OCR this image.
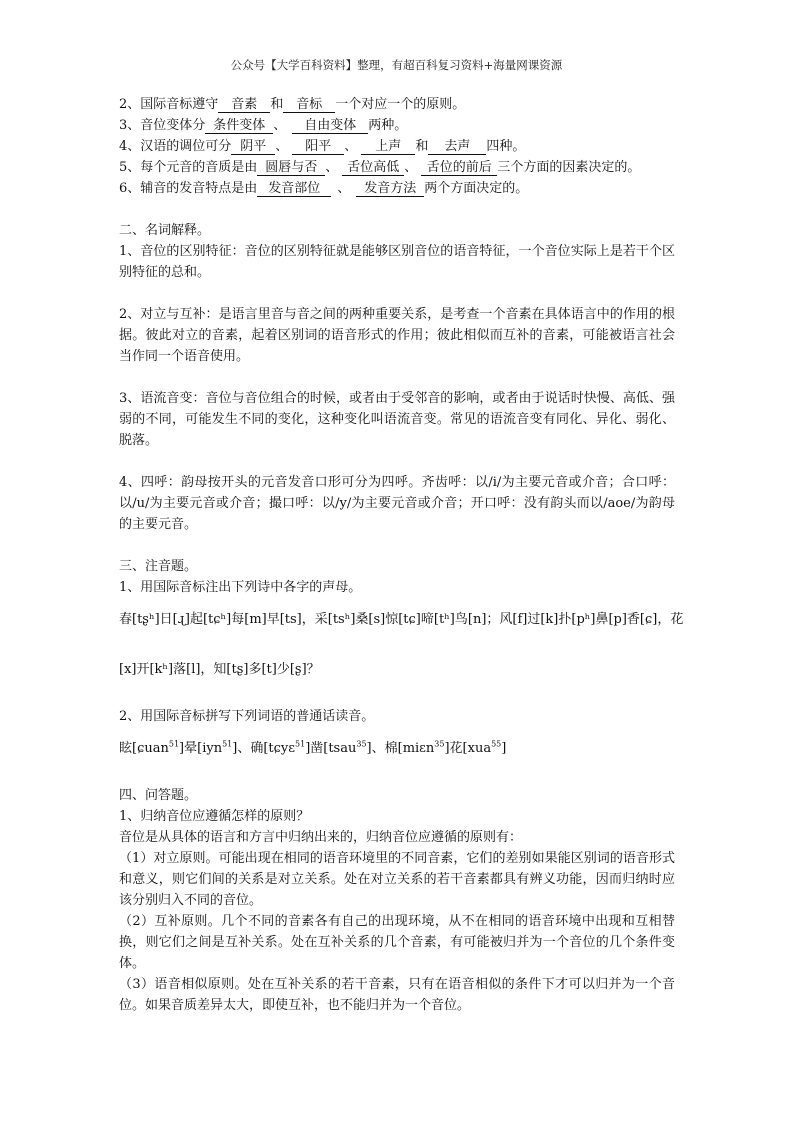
公众号【大学百科资料】整理，有超百科复习资料+海量网课资源
2、国际音标遵守 音素 和 音标 一个对应一个的原则。
3、音位变体分 条件变体 、 自由变体 两种。
4、汉语的调位可分 阴平 、 阳平 、 上声 和 去声 四种。
5、每个元音的音质是由 圆唇与否 、 舌位高低 、 舌位的前后 三个方面的因素决定的。
6、辅音的发音特点是由 发音部位 、 发音方法 两个方面决定的。
二、名词解释。
1、音位的区别特征：音位的区别特征就是能够区别音位的语音特征，一个音位实际上是若干个区别特征的总和。
2、对立与互补：是语言里音与音之间的两种重要关系，是考查一个音素在具体语言中的作用的根据。彼此对立的音素，起着区别词的语音形式的作用；彼此相似而互补的音素，可能被语言社会当作同一个语音使用。
3、语流音变：音位与音位组合的时候，或者由于受邻音的影响，或者由于说话时快慢、高低、强弱的不同，可能发生不同的变化，这种变化叫语流音变。常见的语流音变有同化、异化、弱化、脱落。
4、四呼：韵母按开头的元音发音口形可分为四呼。齐齿呼：以/i/为主要元音或介音；合口呼：以/u/为主要元音或介音；撮口呼：以/y/为主要元音或介音；开口呼：没有韵头而以/aoe/为韵母的主要元音。
三、注音题。
1、用国际音标注出下列诗中各字的声母。
春[tʂʰ]日[ɻ]起[tɕʰ]每[m]早[ts]，采[tsʰ]桑[s]惊[tɕ]啼[tʰ]鸟[n]；风[f]过[k]扑[pʰ]鼻[p]香[ɕ]，花
[x]开[kʰ]落[l]，知[tʂ]多[t]少[ʂ]？
2、用国际音标拼写下列词语的普通话读音。
眩[ɕuan$^{51}$]晕[iyn$^{51}$]、确[tɕyɛ$^{51}$]凿[tsau$^{35}$]、棉[miɛn$^{35}$]花[xua$^{55}$]
四、问答题。
1、归纳音位应遵循怎样的原则？
音位是从具体的语言和方言中归纳出来的，归纳音位应遵循的原则有：
（1）对立原则。可能出现在相同的语音环境里的不同音素，它们的差别如果能区别词的语音形式和意义，则它们间的关系是对立关系。处在对立关系的若干音素都具有辨义功能，因而归纳时应该分别归入不同的音位。
（2）互补原则。几个不同的音素各有自己的出现环境，从不在相同的语音环境中出现和互相替换，则它们之间是互补关系。处在互补关系的几个音素，有可能被归并为一个音位的几个条件变体。
（3）语音相似原则。处在互补关系的若干音素，只有在语音相似的条件下才可以归并为一个音位。如果音质差异太大，即使互补，也不能归并为一个音位。
